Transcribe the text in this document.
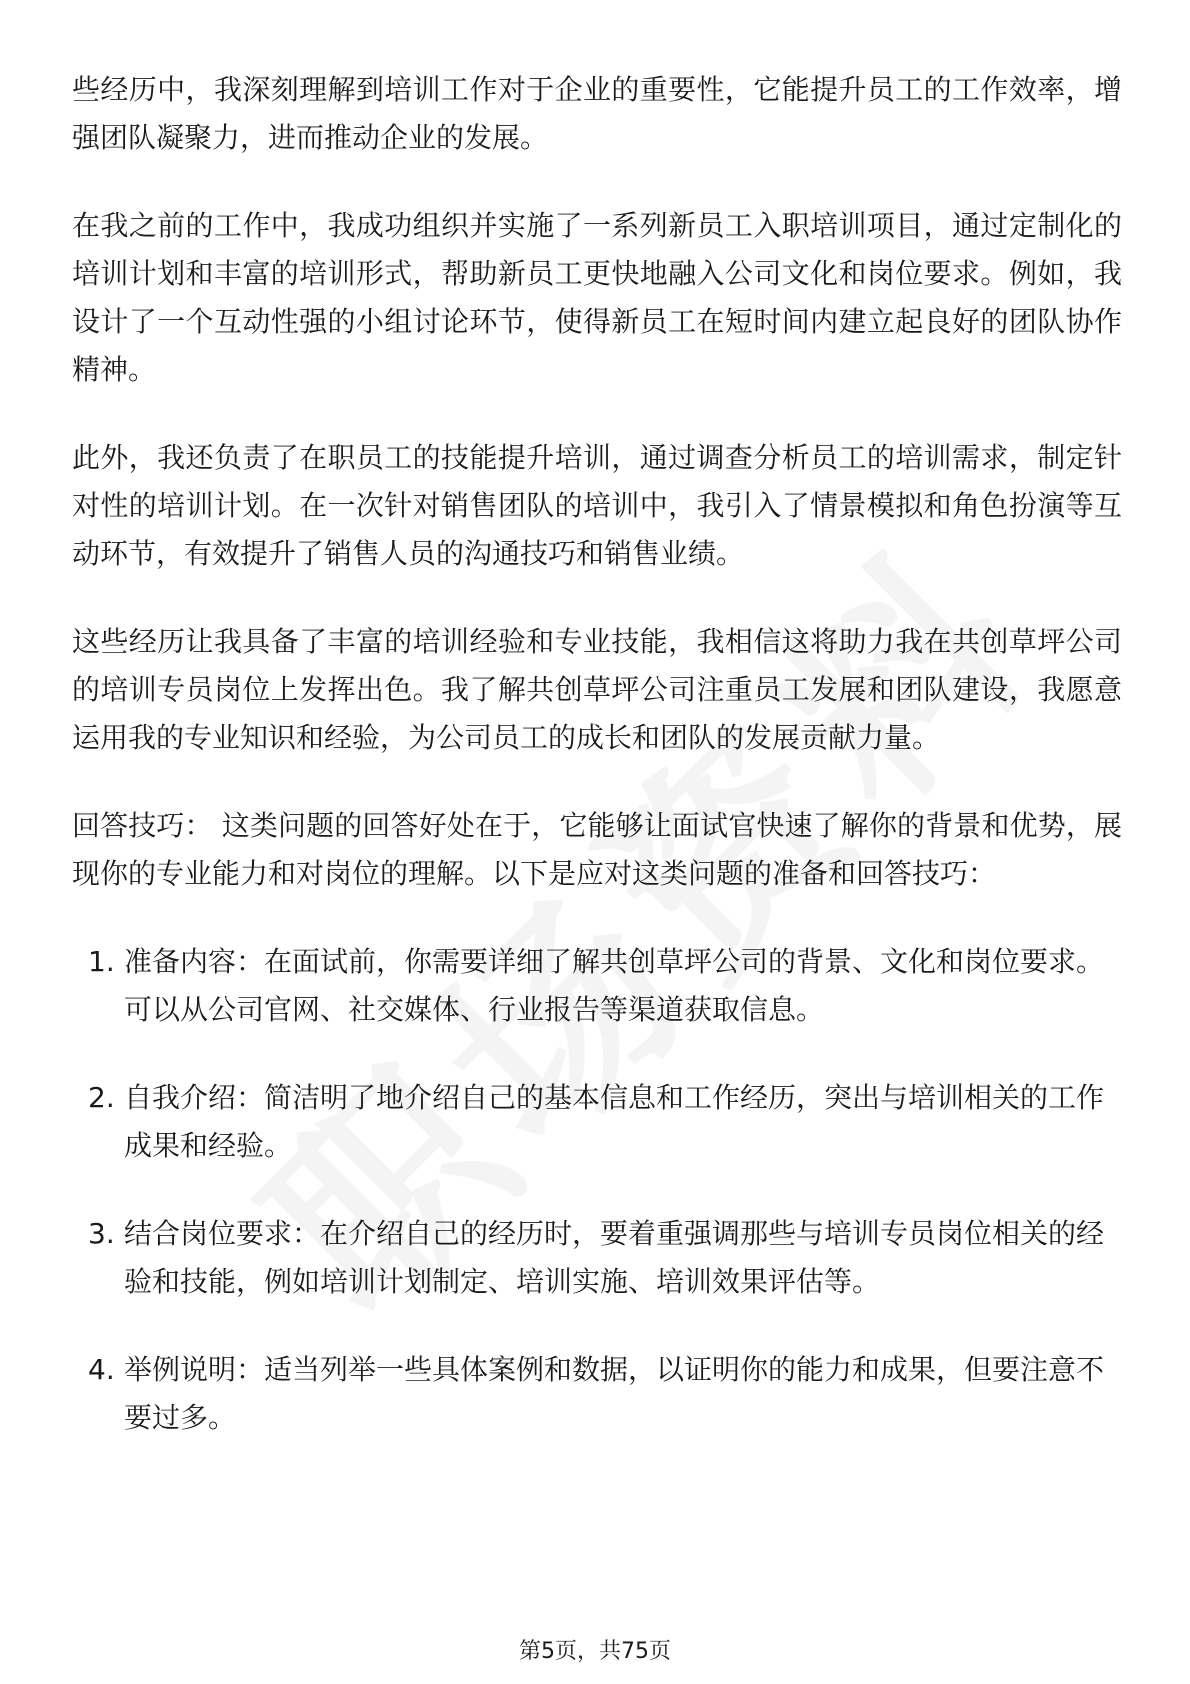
些经历中，我深刻理解到培训工作对于企业的重要性，它能提升员工的工作效率，增强团队凝聚力，进而推动企业的发展。

在我之前的工作中，我成功组织并实施了一系列新员工入职培训项目，通过定制化的培训计划和丰富的培训形式，帮助新员工更快地融入公司文化和岗位要求。例如，我设计了一个互动性强的小组讨论环节，使得新员工在短时间内建立起良好的团队协作精神。

此外，我还负责了在职员工的技能提升培训，通过调查分析员工的培训需求，制定针对性的培训计划。在一次针对销售团队的培训中，我引入了情景模拟和角色扮演等互动环节，有效提升了销售人员的沟通技巧和销售业绩。

这些经历让我具备了丰富的培训经验和专业技能，我相信这将助力我在共创草坪公司的培训专员岗位上发挥出色。我了解共创草坪公司注重员工发展和团队建设，我愿意运用我的专业知识和经验，为公司员工的成长和团队的发展贡献力量。

回答技巧： 这类问题的回答好处在于，它能够让面试官快速了解你的背景和优势，展现你的专业能力和对岗位的理解。以下是应对这类问题的准备和回答技巧：

1. 准备内容：在面试前，你需要详细了解共创草坪公司的背景、文化和岗位要求。可以从公司官网、社交媒体、行业报告等渠道获取信息。
2. 自我介绍：简洁明了地介绍自己的基本信息和工作经历，突出与培训相关的工作成果和经验。
3. 结合岗位要求：在介绍自己的经历时，要着重强调那些与培训专员岗位相关的经验和技能，例如培训计划制定、培训实施、培训效果评估等。
4. 举例说明：适当列举一些具体案例和数据，以证明你的能力和成果，但要注意不要过多。
第5页，共75页
